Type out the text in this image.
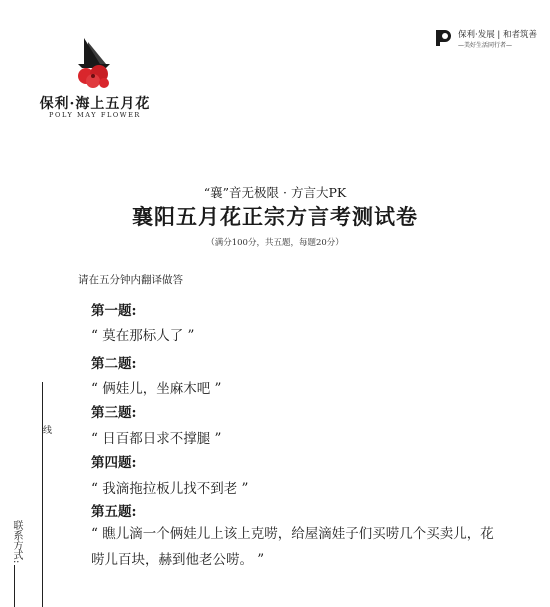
保利·海上五月花
POLY MAY FLOWER
保利·发展 | 和者筑善
—美好生活同行者—
“襄”音无极限 · 方言大PK
襄阳五月花正宗方言考测试卷
（满分100分，共五题，每题20分）
请在五分钟内翻译做答
第一题:
“ 莫在那标人了 ”
第二题:
“ 俩娃儿，坐麻木吧 ”
第三题:
“ 日百都日求不撑腿 ”
第四题:
“ 我滴拖拉板儿找不到老 ”
第五题:
“ 瞧儿滴一个俩娃儿上该上克唠，给屋滴娃子们买唠几个买卖儿，花唠儿百块，赫到他老公唠。 ”
线
联系方式:
